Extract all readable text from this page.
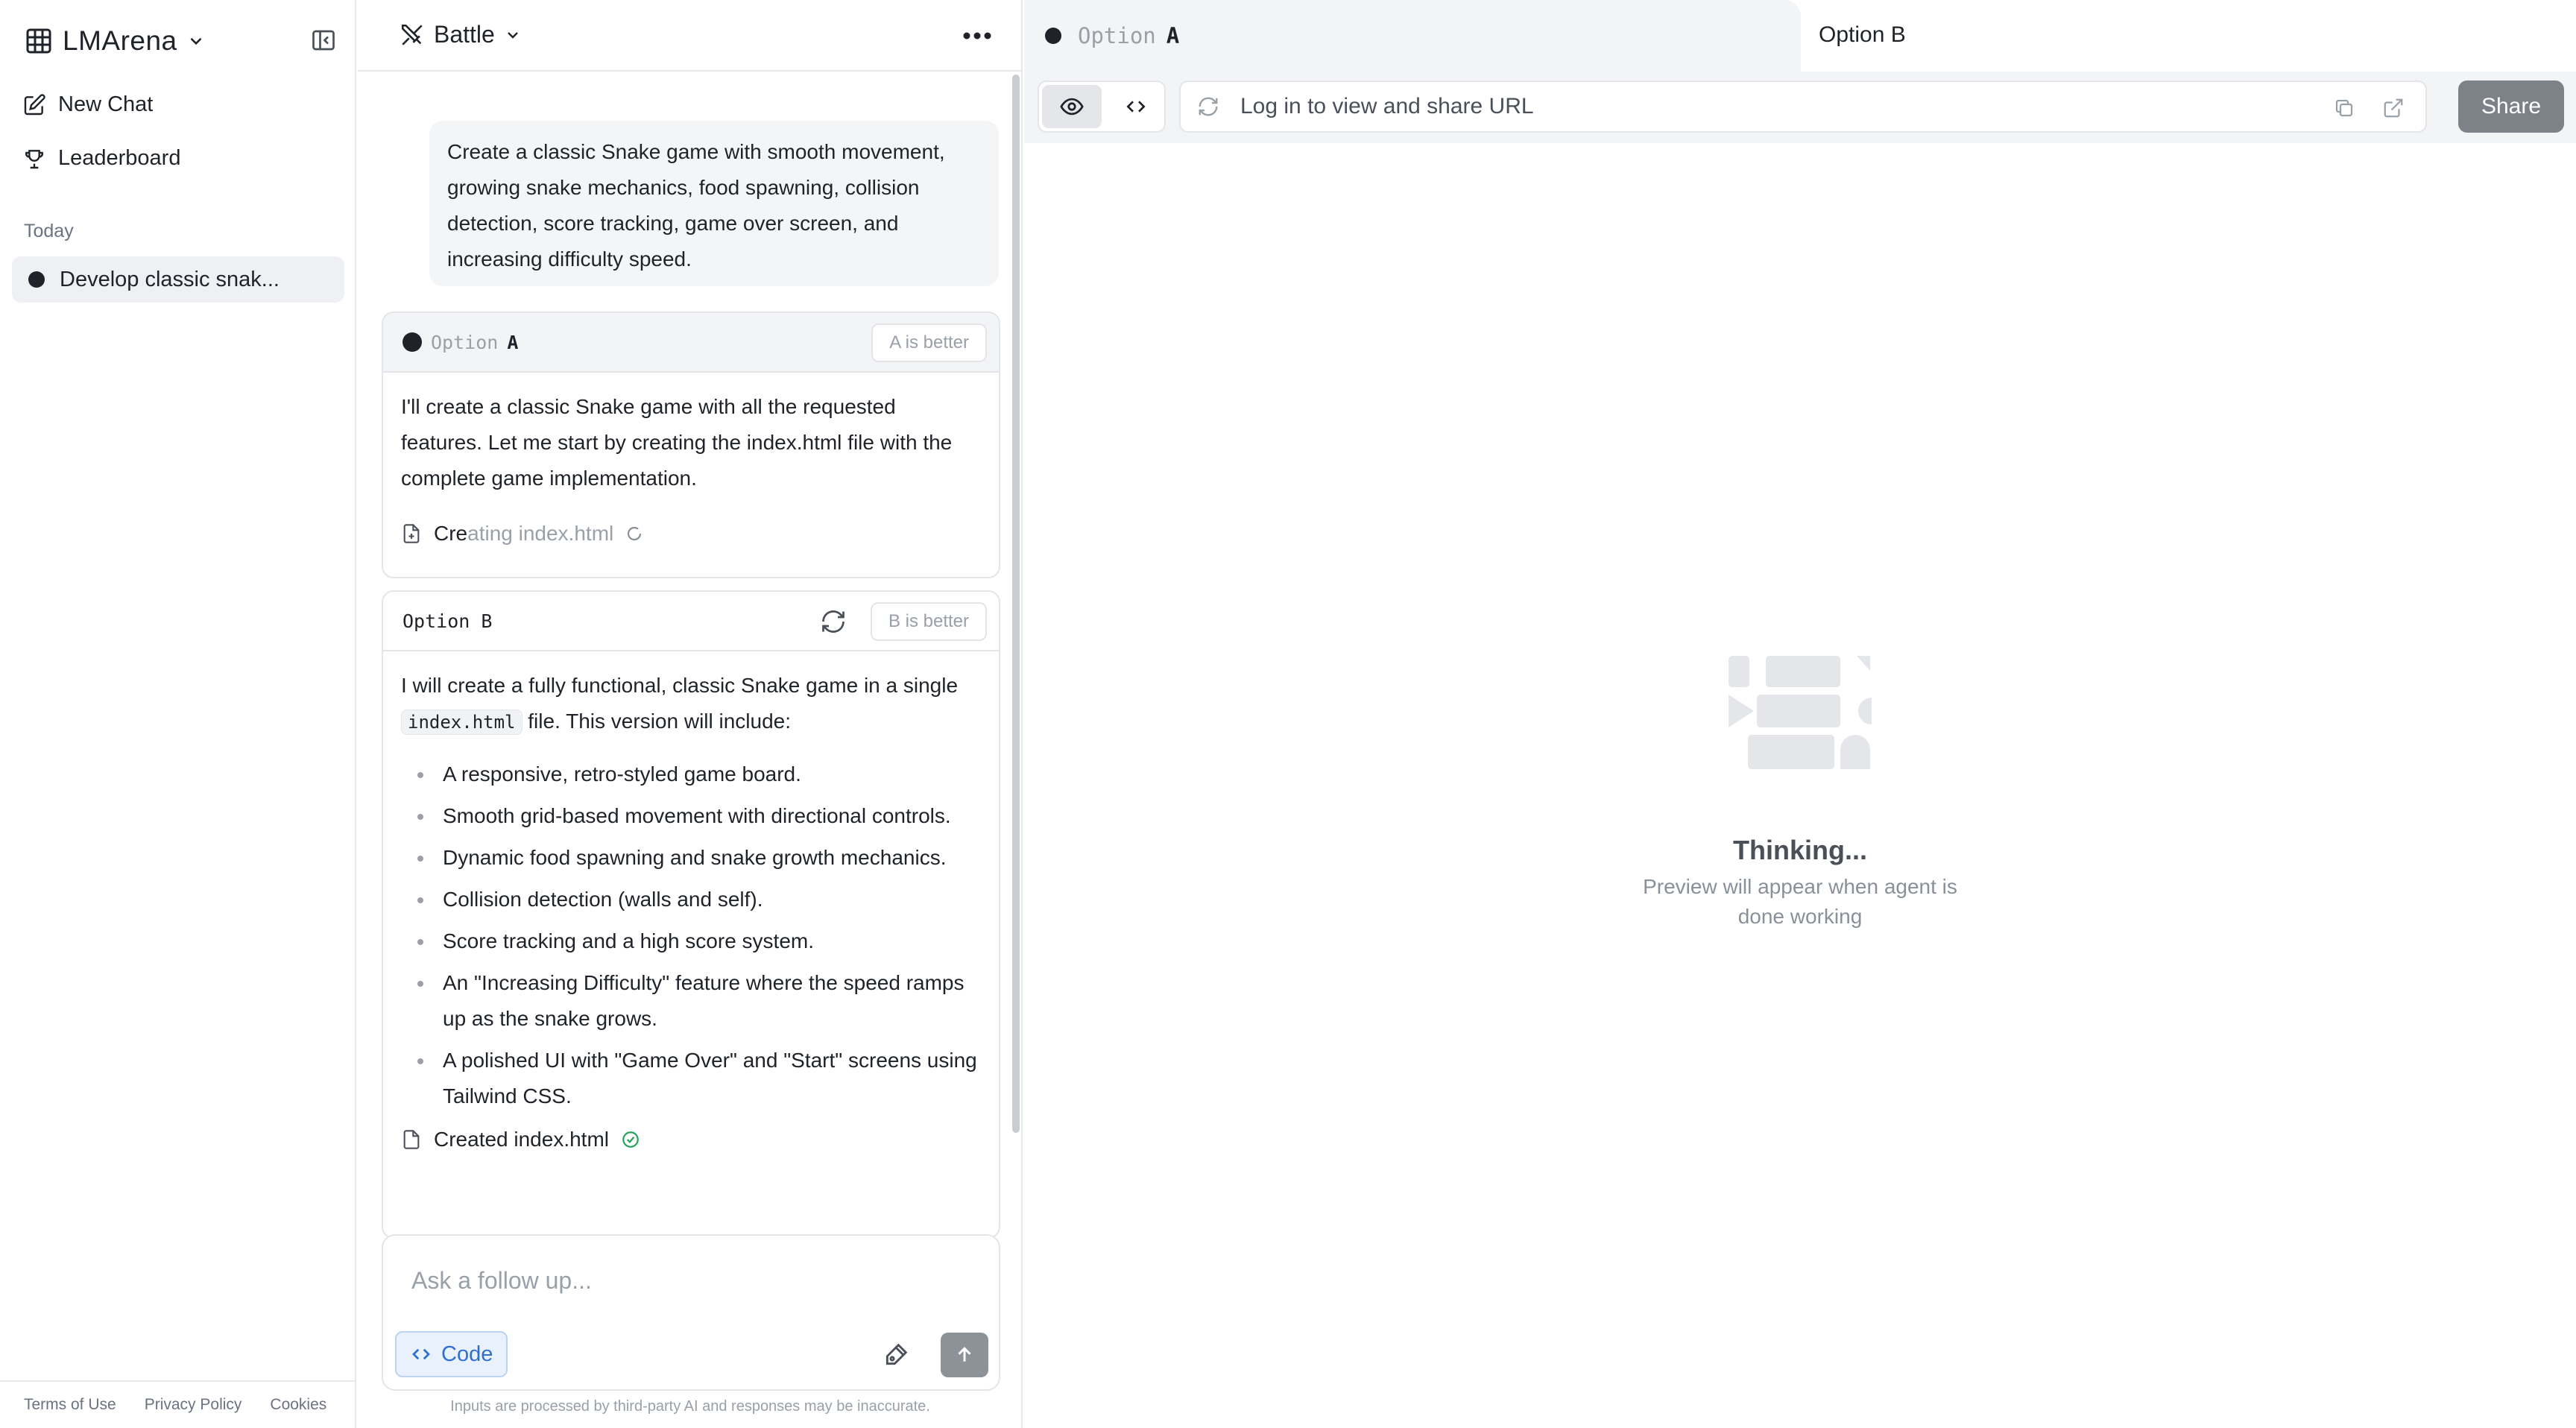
LMArena
New Chat
Leaderboard
Today
Develop classic snak...
Terms of Use Privacy Policy Cookies
Battle
Create a classic Snake game with smooth movement, growing snake mechanics, food spawning, collision detection, score tracking, game over screen, and increasing difficulty speed.
Option A	A is better

I'll create a classic Snake game with all the requested features. Let me start by creating the index.html file with the complete game implementation.

Creating index.html
Option B	B is better

I will create a fully functional, classic Snake game in a single index.html file. This version will include:

A responsive, retro-styled game board.
Smooth grid-based movement with directional controls.
Dynamic food spawning and snake growth mechanics.
Collision detection (walls and self).
Score tracking and a high score system.
An "Increasing Difficulty" feature where the speed ramps up as the snake grows.
A polished UI with "Game Over" and "Start" screens using Tailwind CSS.
Created index.html
Ask a follow up...
Code
Inputs are processed by third-party AI and responses may be inaccurate.
Option A	Option B
Log in to view and share URL	Share
Thinking...
Preview will appear when agent is
done working
